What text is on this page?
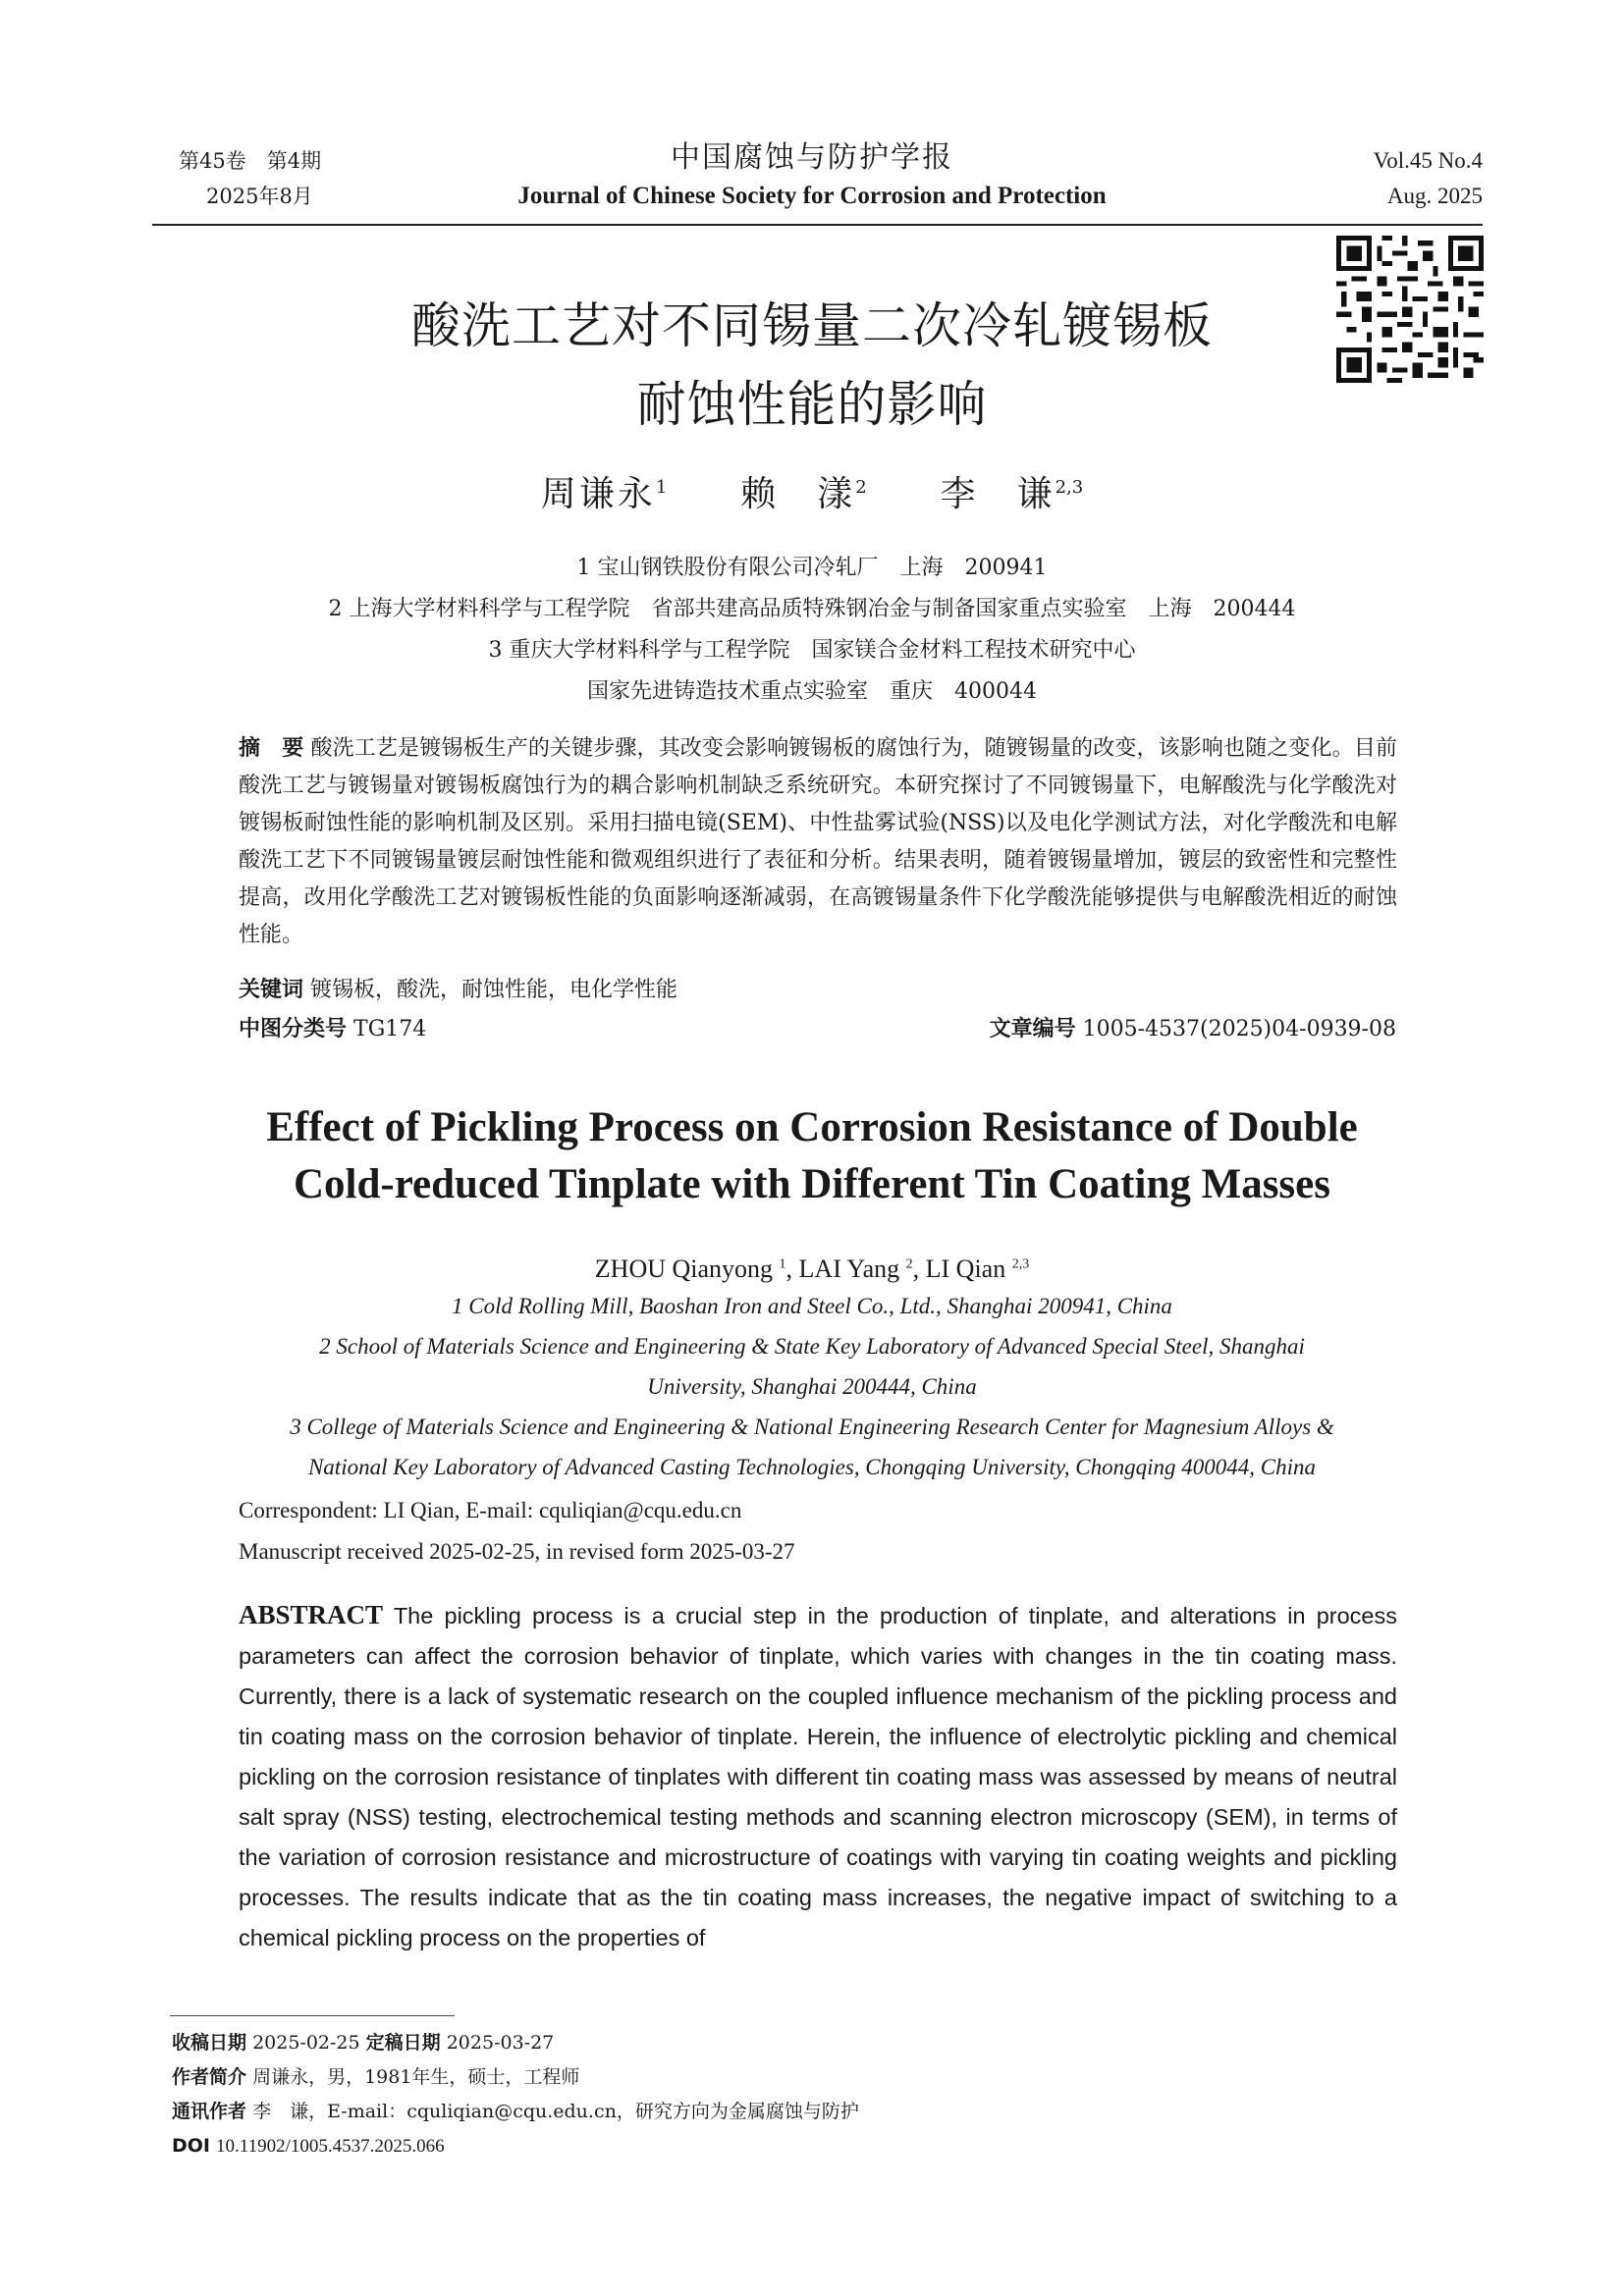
第45卷　第4期
2025年8月
中国腐蚀与防护学报
Journal of Chinese Society for Corrosion and Protection
Vol.45 No.4
Aug. 2025
酸洗工艺对不同锡量二次冷轧镀锡板
耐蚀性能的影响
周谦永$^1$ 赖　漾$^2$ 李　谦$^{2,3}$
1 宝山钢铁股份有限公司冷轧厂　上海　200941
2 上海大学材料科学与工程学院　省部共建高品质特殊钢冶金与制备国家重点实验室　上海　200444
3 重庆大学材料科学与工程学院　国家镁合金材料工程技术研究中心
国家先进铸造技术重点实验室　重庆　400044
摘　要 酸洗工艺是镀锡板生产的关键步骤，其改变会影响镀锡板的腐蚀行为，随镀锡量的改变，该影响也随之变化。目前酸洗工艺与镀锡量对镀锡板腐蚀行为的耦合影响机制缺乏系统研究。本研究探讨了不同镀锡量下，电解酸洗与化学酸洗对镀锡板耐蚀性能的影响机制及区别。采用扫描电镜(SEM)、中性盐雾试验(NSS)以及电化学测试方法，对化学酸洗和电解酸洗工艺下不同镀锡量镀层耐蚀性能和微观组织进行了表征和分析。结果表明，随着镀锡量增加，镀层的致密性和完整性提高，改用化学酸洗工艺对镀锡板性能的负面影响逐渐减弱，在高镀锡量条件下化学酸洗能够提供与电解酸洗相近的耐蚀性能。
关键词 镀锡板，酸洗，耐蚀性能，电化学性能
中图分类号 TG174	文章编号 1005-4537(2025)04-0939-08
Effect of Pickling Process on Corrosion Resistance of Double
Cold-reduced Tinplate with Different Tin Coating Masses
ZHOU Qianyong $^1$, LAI Yang $^2$, LI Qian $^{2,3}$
1 Cold Rolling Mill, Baoshan Iron and Steel Co., Ltd., Shanghai 200941, China
2 School of Materials Science and Engineering & State Key Laboratory of Advanced Special Steel, Shanghai
University, Shanghai 200444, China
3 College of Materials Science and Engineering & National Engineering Research Center for Magnesium Alloys &
National Key Laboratory of Advanced Casting Technologies, Chongqing University, Chongqing 400044, China
Correspondent: LI Qian, E-mail: cquliqian@cqu.edu.cn
Manuscript received 2025-02-25, in revised form 2025-03-27
ABSTRACT The pickling process is a crucial step in the production of tinplate, and alterations in process parameters can affect the corrosion behavior of tinplate, which varies with changes in the tin coating mass. Currently, there is a lack of systematic research on the coupled influence mechanism of the pickling process and tin coating mass on the corrosion behavior of tinplate. Herein, the influence of electrolytic pickling and chemical pickling on the corrosion resistance of tinplates with different tin coating mass was assessed by means of neutral salt spray (NSS) testing, electrochemical testing methods and scanning electron microscopy (SEM), in terms of the variation of corrosion resistance and microstructure of coatings with varying tin coating weights and pickling processes. The results indicate that as the tin coating mass increases, the negative impact of switching to a chemical pickling process on the properties of
收稿日期 2025-02-25 定稿日期 2025-03-27
作者简介 周谦永，男，1981年生，硕士，工程师
通讯作者 李　谦，E-mail：cquliqian@cqu.edu.cn，研究方向为金属腐蚀与防护
DOI 10.11902/1005.4537.2025.066
